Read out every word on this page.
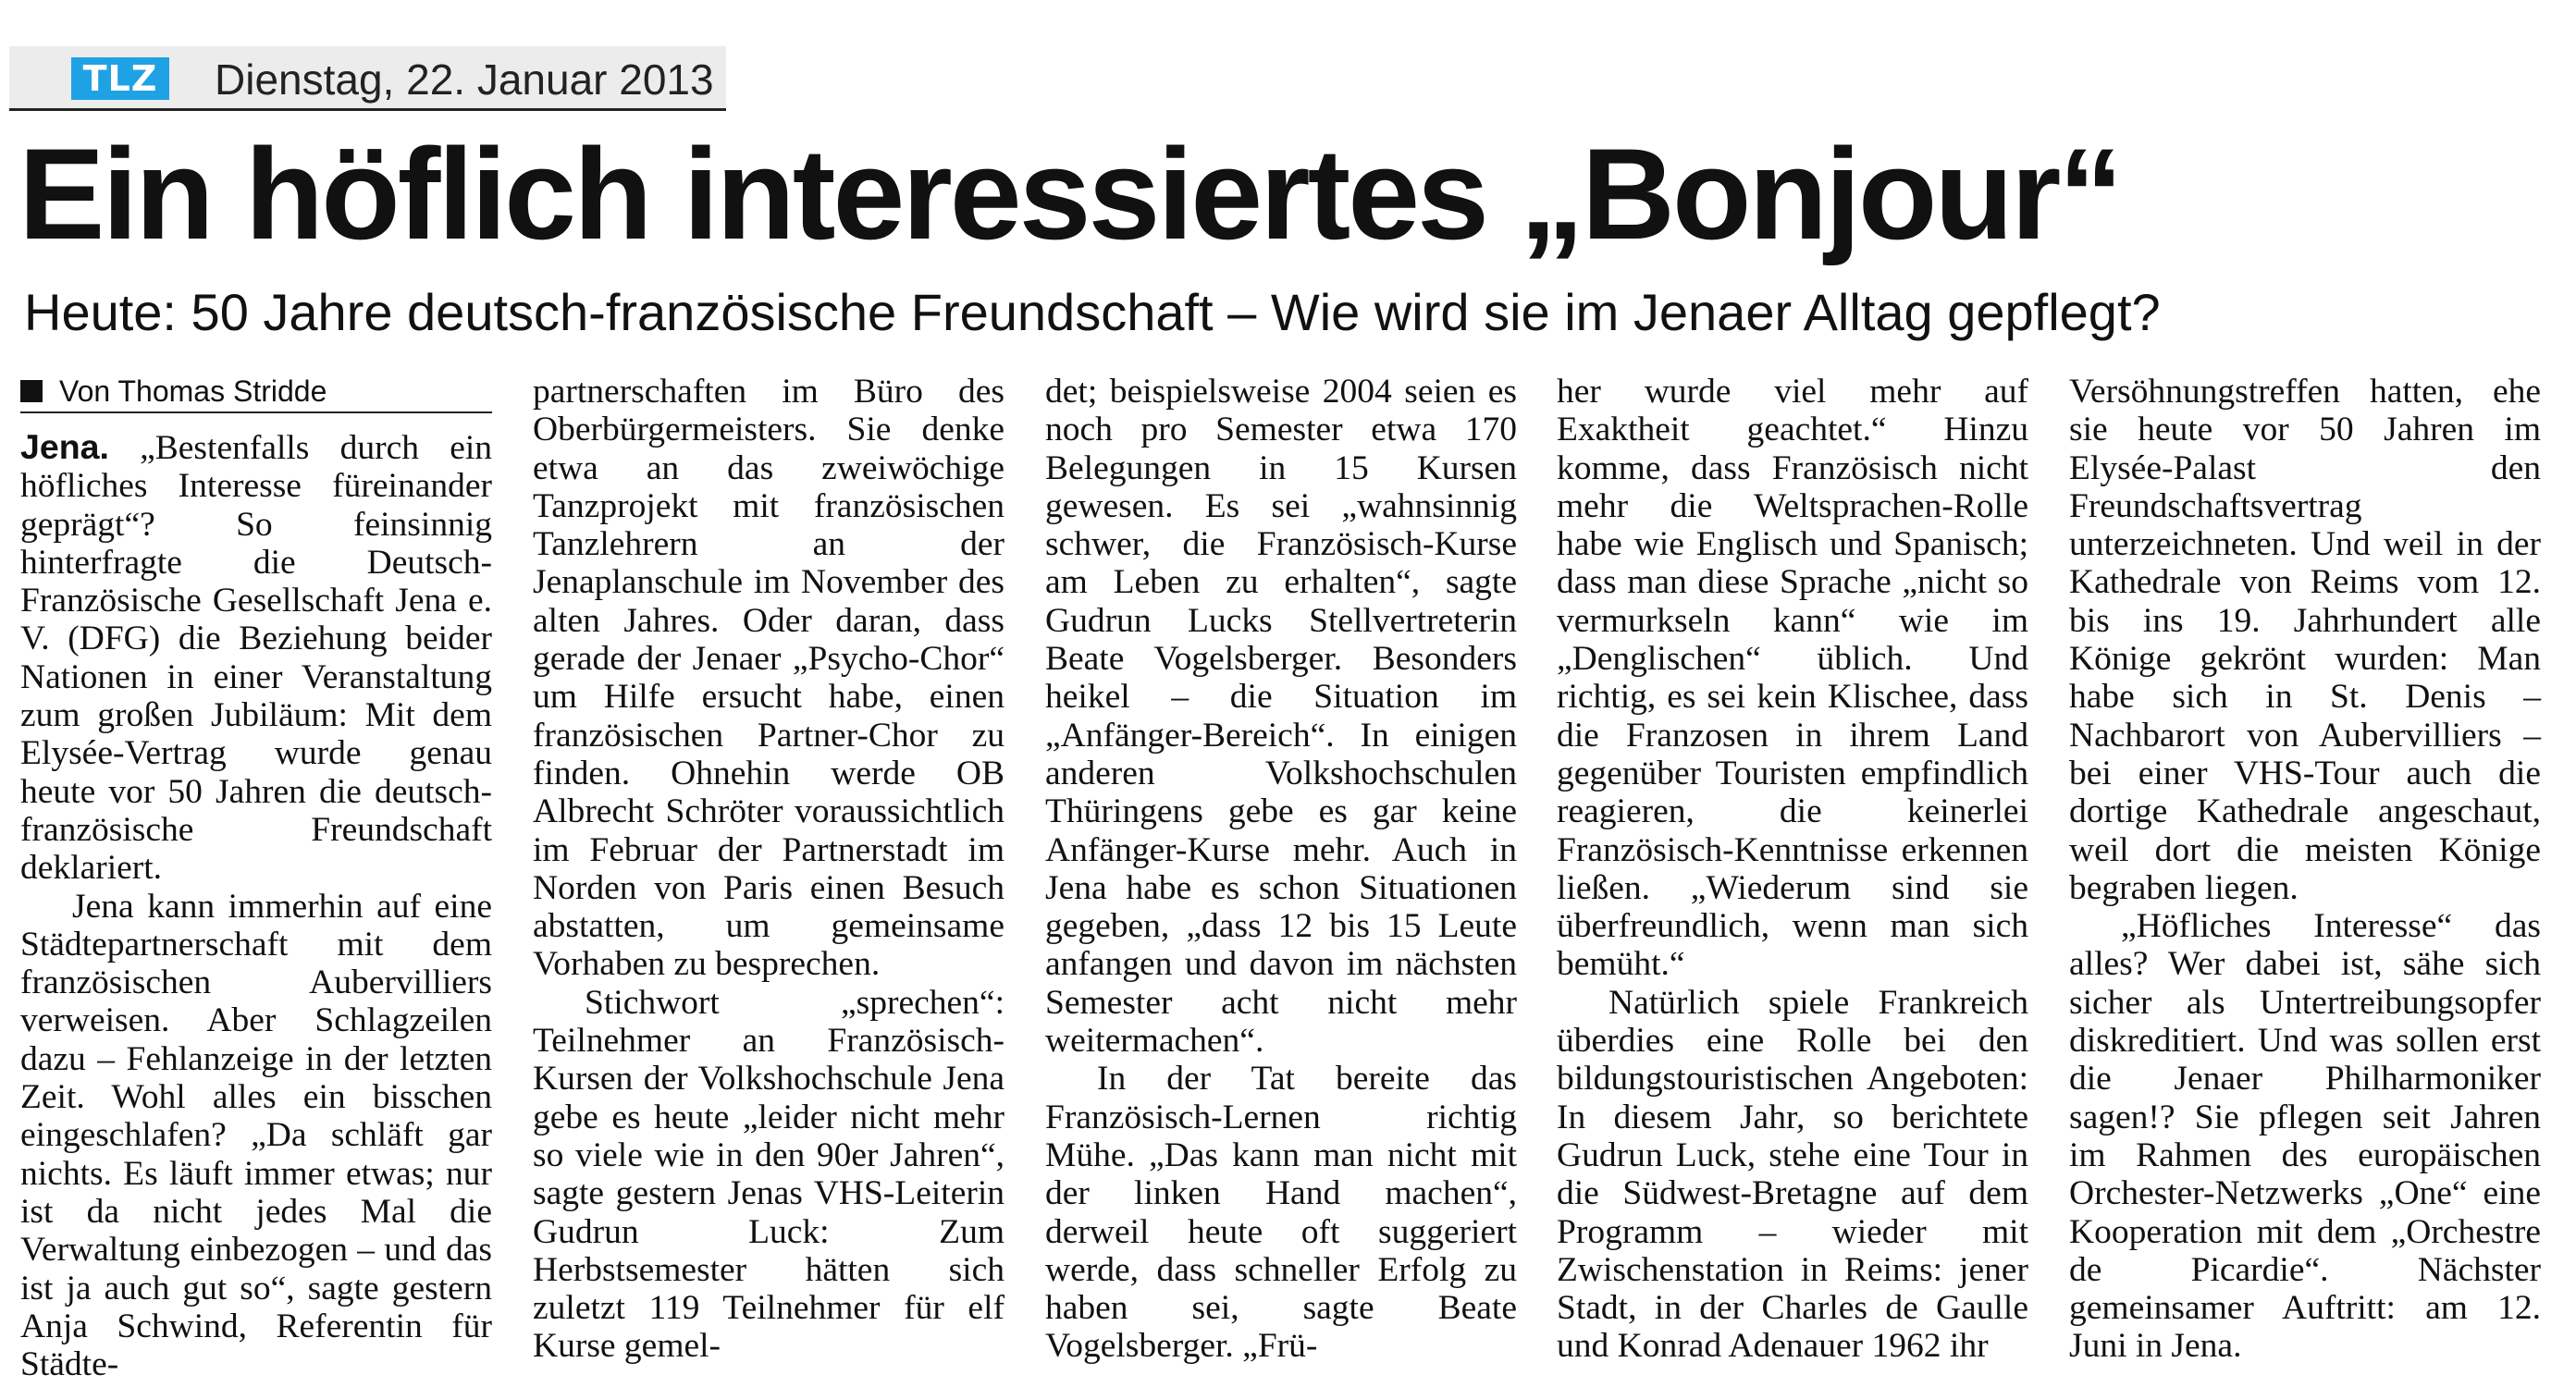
TLZ Dienstag, 22. Januar 2013
Ein höflich interessiertes „Bonjour“
Heute: 50 Jahre deutsch-französische Freundschaft – Wie wird sie im Jenaer Alltag gepflegt?
Von Thomas Stridde

Jena. „Bestenfalls durch ein höfliches Interesse füreinander geprägt“? So feinsinnig hinterfragte die Deutsch-Französische Gesellschaft Jena e. V. (DFG) die Beziehung beider Nationen in einer Veranstaltung zum großen Jubiläum: Mit dem Elysée-Vertrag wurde genau heute vor 50 Jahren die deutsch-französische Freundschaft deklariert.

Jena kann immerhin auf eine Städtepartnerschaft mit dem französischen Aubervilliers verweisen. Aber Schlagzeilen dazu – Fehlanzeige in der letzten Zeit. Wohl alles ein bisschen eingeschlafen? „Da schläft gar nichts. Es läuft immer etwas; nur ist da nicht jedes Mal die Verwaltung einbezogen – und das ist ja auch gut so“, sagte gestern Anja Schwind, Referentin für Städte-

partnerschaften im Büro des Oberbürgermeisters. Sie denke etwa an das zweiwöchige Tanzprojekt mit französischen Tanzlehrern an der Jenaplanschule im November des alten Jahres. Oder daran, dass gerade der Jenaer „Psycho-Chor“ um Hilfe ersucht habe, einen französischen Partner-Chor zu finden. Ohnehin werde OB Albrecht Schröter voraussichtlich im Februar der Partnerstadt im Norden von Paris einen Besuch abstatten, um gemeinsame Vorhaben zu besprechen.

Stichwort „sprechen“: Teilnehmer an Französisch-Kursen der Volkshochschule Jena gebe es heute „leider nicht mehr so viele wie in den 90er Jahren“, sagte gestern Jenas VHS-Leiterin Gudrun Luck: Zum Herbstsemester hätten sich zuletzt 119 Teilnehmer für elf Kurse gemel-

det; beispielsweise 2004 seien es noch pro Semester etwa 170 Belegungen in 15 Kursen gewesen. Es sei „wahnsinnig schwer, die Französisch-Kurse am Leben zu erhalten“, sagte Gudrun Lucks Stellvertreterin Beate Vogelsberger. Besonders heikel – die Situation im „Anfänger-Bereich“. In einigen anderen Volkshochschulen Thüringens gebe es gar keine Anfänger-Kurse mehr. Auch in Jena habe es schon Situationen gegeben, „dass 12 bis 15 Leute anfangen und davon im nächsten Semester acht nicht mehr weitermachen“.

In der Tat bereite das Französisch-Lernen richtig Mühe. „Das kann man nicht mit der linken Hand machen“, derweil heute oft suggeriert werde, dass schneller Erfolg zu haben sei, sagte Beate Vogelsberger. „Frü-

her wurde viel mehr auf Exaktheit geachtet.“ Hinzu komme, dass Französisch nicht mehr die Weltsprachen-Rolle habe wie Englisch und Spanisch; dass man diese Sprache „nicht so vermurkseln kann“ wie im „Denglischen“ üblich. Und richtig, es sei kein Klischee, dass die Franzosen in ihrem Land gegenüber Touristen empfindlich reagieren, die keinerlei Französisch-Kenntnisse erkennen ließen. „Wiederum sind sie überfreundlich, wenn man sich bemüht.“

Natürlich spiele Frankreich überdies eine Rolle bei den bildungstouristischen Angeboten: In diesem Jahr, so berichtete Gudrun Luck, stehe eine Tour in die Südwest-Bretagne auf dem Programm – wieder mit Zwischenstation in Reims: jener Stadt, in der Charles de Gaulle und Konrad Adenauer 1962 ihr

Versöhnungstreffen hatten, ehe sie heute vor 50 Jahren im Elysée-Palast den Freundschaftsvertrag unterzeichneten. Und weil in der Kathedrale von Reims vom 12. bis ins 19. Jahrhundert alle Könige gekrönt wurden: Man habe sich in St. Denis – Nachbarort von Aubervilliers – bei einer VHS-Tour auch die dortige Kathedrale angeschaut, weil dort die meisten Könige begraben liegen.

„Höfliches Interesse“ das alles? Wer dabei ist, sähe sich sicher als Untertreibungsopfer diskreditiert. Und was sollen erst die Jenaer Philharmoniker sagen!? Sie pflegen seit Jahren im Rahmen des europäischen Orchester-Netzwerks „One“ eine Kooperation mit dem „Orchestre de Picardie“. Nächster gemeinsamer Auftritt: am 12. Juni in Jena.
